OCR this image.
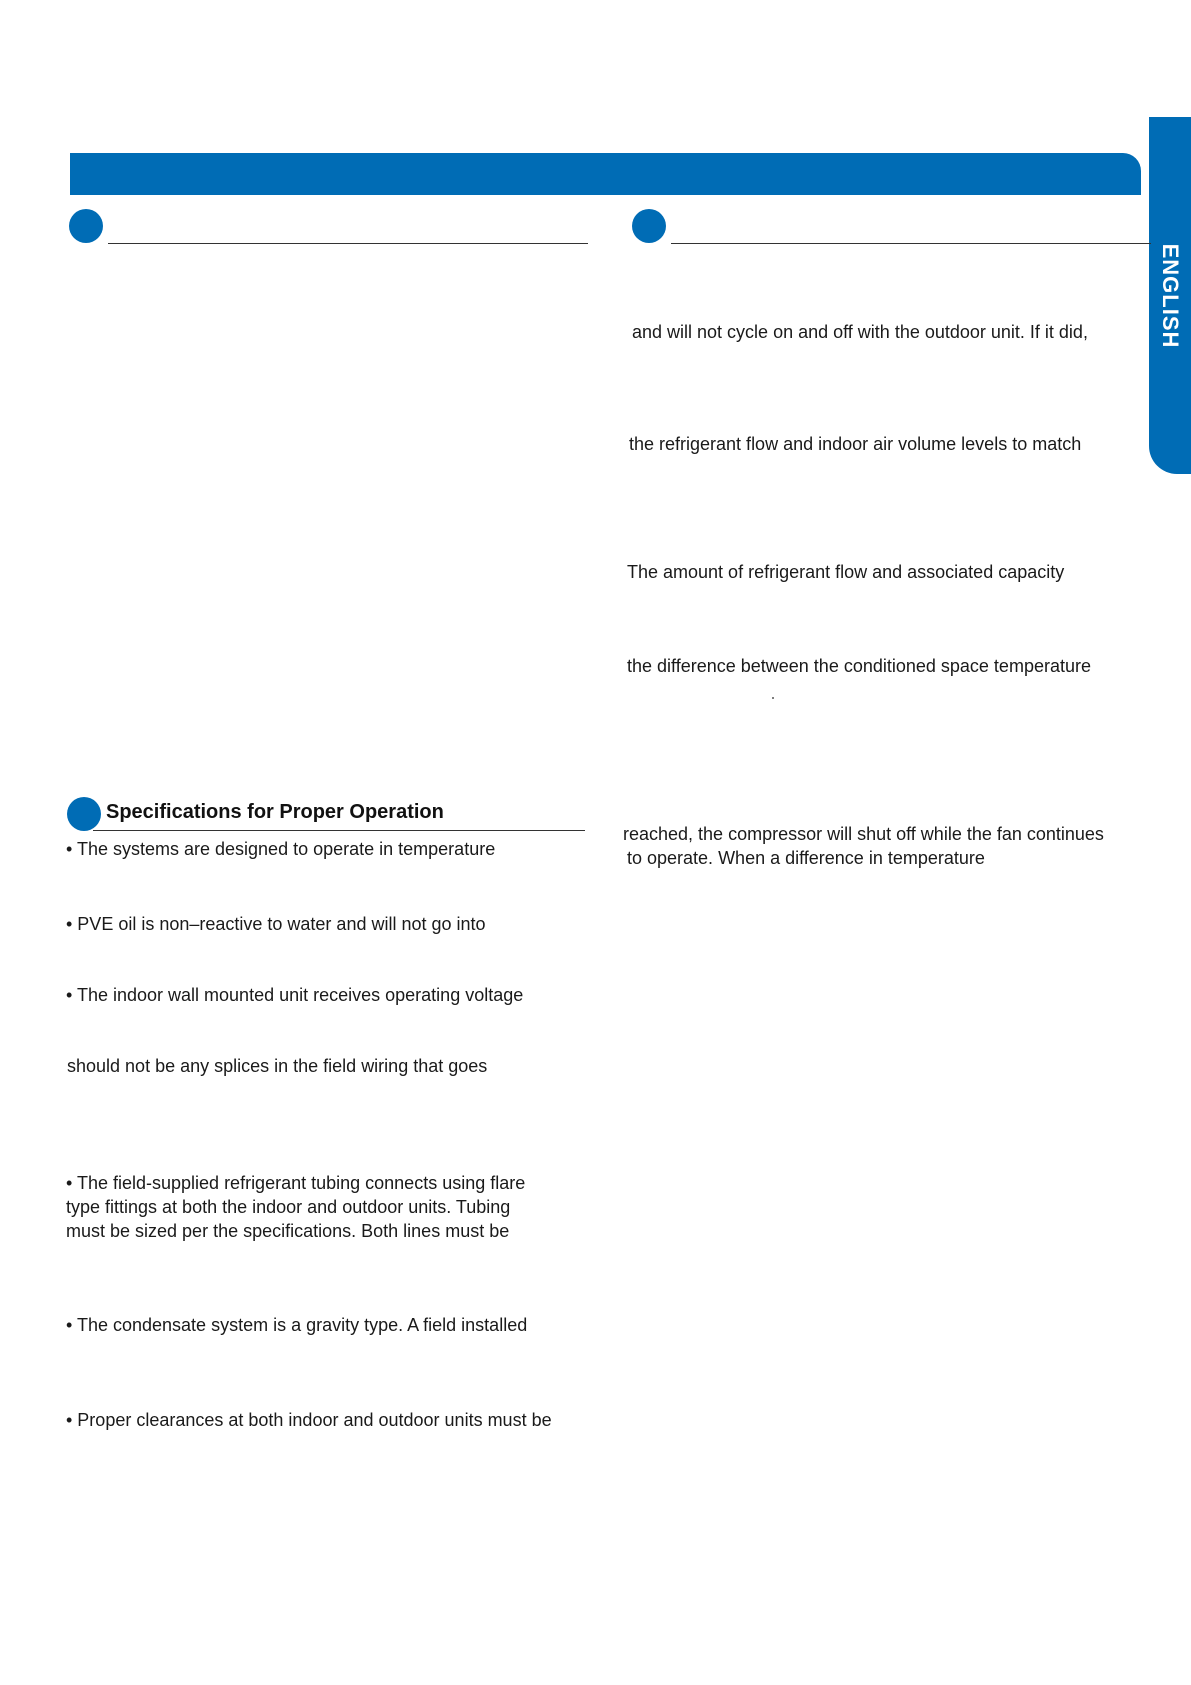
ENGLISH
and will not cycle on and off with the outdoor unit. If it did,
the refrigerant flow and indoor air volume levels to match
The amount of refrigerant flow and associated capacity
the difference between the conditioned space temperature
reached, the compressor will shut off while the fan continues
to operate. When a difference in temperature
Specifications for Proper Operation
• The systems are designed to operate in temperature
• PVE oil is non–reactive to water and will not go into
• The indoor wall mounted unit receives operating voltage
should not be any splices in the field wiring that goes
• The field-supplied refrigerant tubing connects using flare
type fittings at both the indoor and outdoor units. Tubing
must be sized per the specifications. Both lines must be
• The condensate system is a gravity type. A field installed
• Proper clearances at both indoor and outdoor units must be
